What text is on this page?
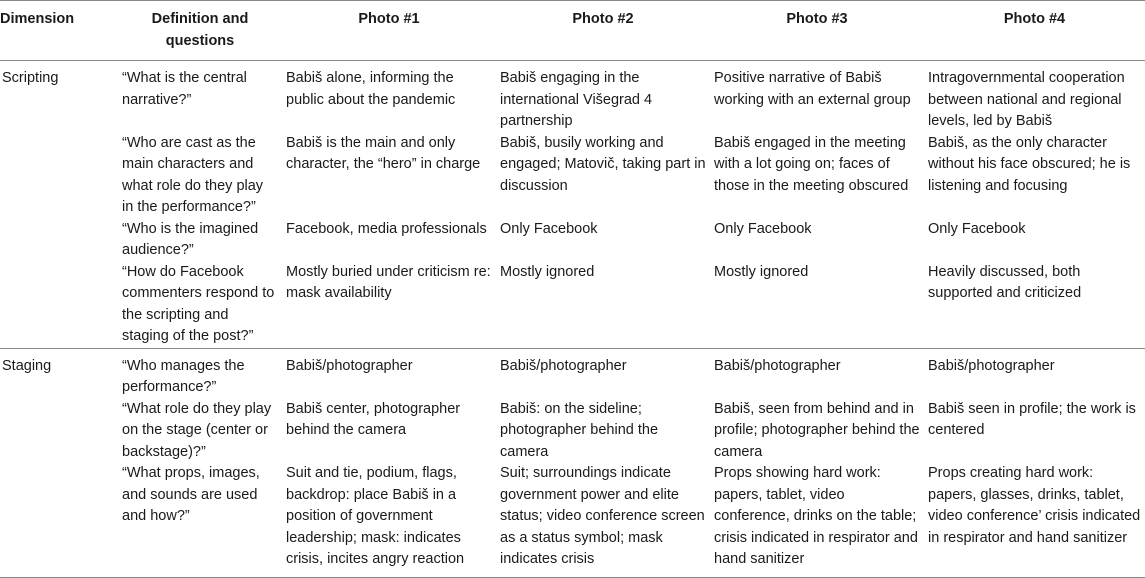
Dimension	Definition and questions	Photo #1	Photo #2	Photo #3	Photo #4
Scripting	“What is the central narrative?”	Babiš alone, informing the public about the pandemic	Babiš engaging in the international Višegrad 4 partnership	Positive narrative of Babiš working with an external group	Intragovernmental cooperation between national and regional levels, led by Babiš
	“Who are cast as the main characters and what role do they play in the performance?”	Babiš is the main and only character, the “hero” in charge	Babiš, busily working and engaged; Matovič, taking part in discussion	Babiš engaged in the meeting with a lot going on; faces of those in the meeting obscured	Babiš, as the only character without his face obscured; he is listening and focusing
	“Who is the imagined audience?”	Facebook, media professionals	Only Facebook	Only Facebook	Only Facebook
	“How do Facebook commenters respond to the scripting and staging of the post?”	Mostly buried under criticism re: mask availability	Mostly ignored	Mostly ignored	Heavily discussed, both supported and criticized
Staging	“Who manages the performance?”	Babiš/photographer	Babiš/photographer	Babiš/photographer	Babiš/photographer
	“What role do they play on the stage (center or backstage)?”	Babiš center, photographer behind the camera	Babiš: on the sideline; photographer behind the camera	Babiš, seen from behind and in profile; photographer behind the camera	Babiš seen in profile; the work is centered
	“What props, images, and sounds are used and how?”	Suit and tie, podium, flags, backdrop: place Babiš in a position of government leadership; mask: indicates crisis, incites angry reaction	Suit; surroundings indicate government power and elite status; video conference screen as a status symbol; mask indicates crisis	Props showing hard work: papers, tablet, video conference, drinks on the table; crisis indicated in respirator and hand sanitizer	Props creating hard work: papers, glasses, drinks, tablet, video conference’ crisis indicated in respirator and hand sanitizer
